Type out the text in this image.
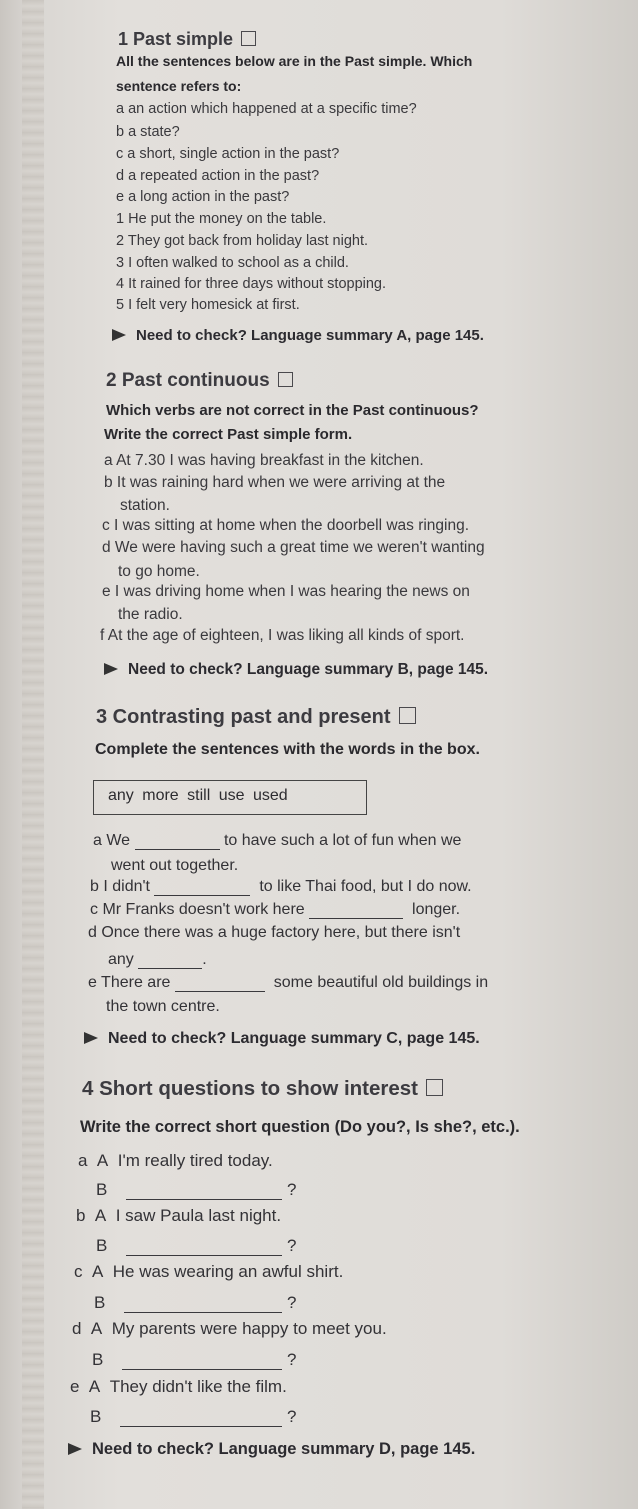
1 Past simple
All the sentences below are in the Past simple. Which
sentence refers to:
a an action which happened at a specific time?
b a state?
c a short, single action in the past?
d a repeated action in the past?
e a long action in the past?
1 He put the money on the table.
2 They got back from holiday last night.
3 I often walked to school as a child.
4 It rained for three days without stopping.
5 I felt very homesick at first.
Need to check? Language summary A, page 145.
2 Past continuous
Which verbs are not correct in the Past continuous?
Write the correct Past simple form.
a At 7.30 I was having breakfast in the kitchen.
b It was raining hard when we were arriving at the
station.
c I was sitting at home when the doorbell was ringing.
d We were having such a great time we weren't wanting
to go home.
e I was driving home when I was hearing the news on
the radio.
f At the age of eighteen, I was liking all kinds of sport.
Need to check? Language summary B, page 145.
3 Contrasting past and present
Complete the sentences with the words in the box.
any more still use used
a We	to have such a lot of fun when we
went out together.
b I didn't	to like Thai food, but I do now.
c Mr Franks doesn't work here	longer.
d Once there was a huge factory here, but there isn't
any	.
e There are	some beautiful old buildings in
the town centre.
Need to check? Language summary C, page 145.
4 Short questions to show interest
Write the correct short question (Do you?, Is she?, etc.).
a A I'm really tired today.
B	?
b A I saw Paula last night.
B	?
c A He was wearing an awful shirt.
B	?
d A My parents were happy to meet you.
B	?
e A They didn't like the film.
B	?
Need to check? Language summary D, page 145.
